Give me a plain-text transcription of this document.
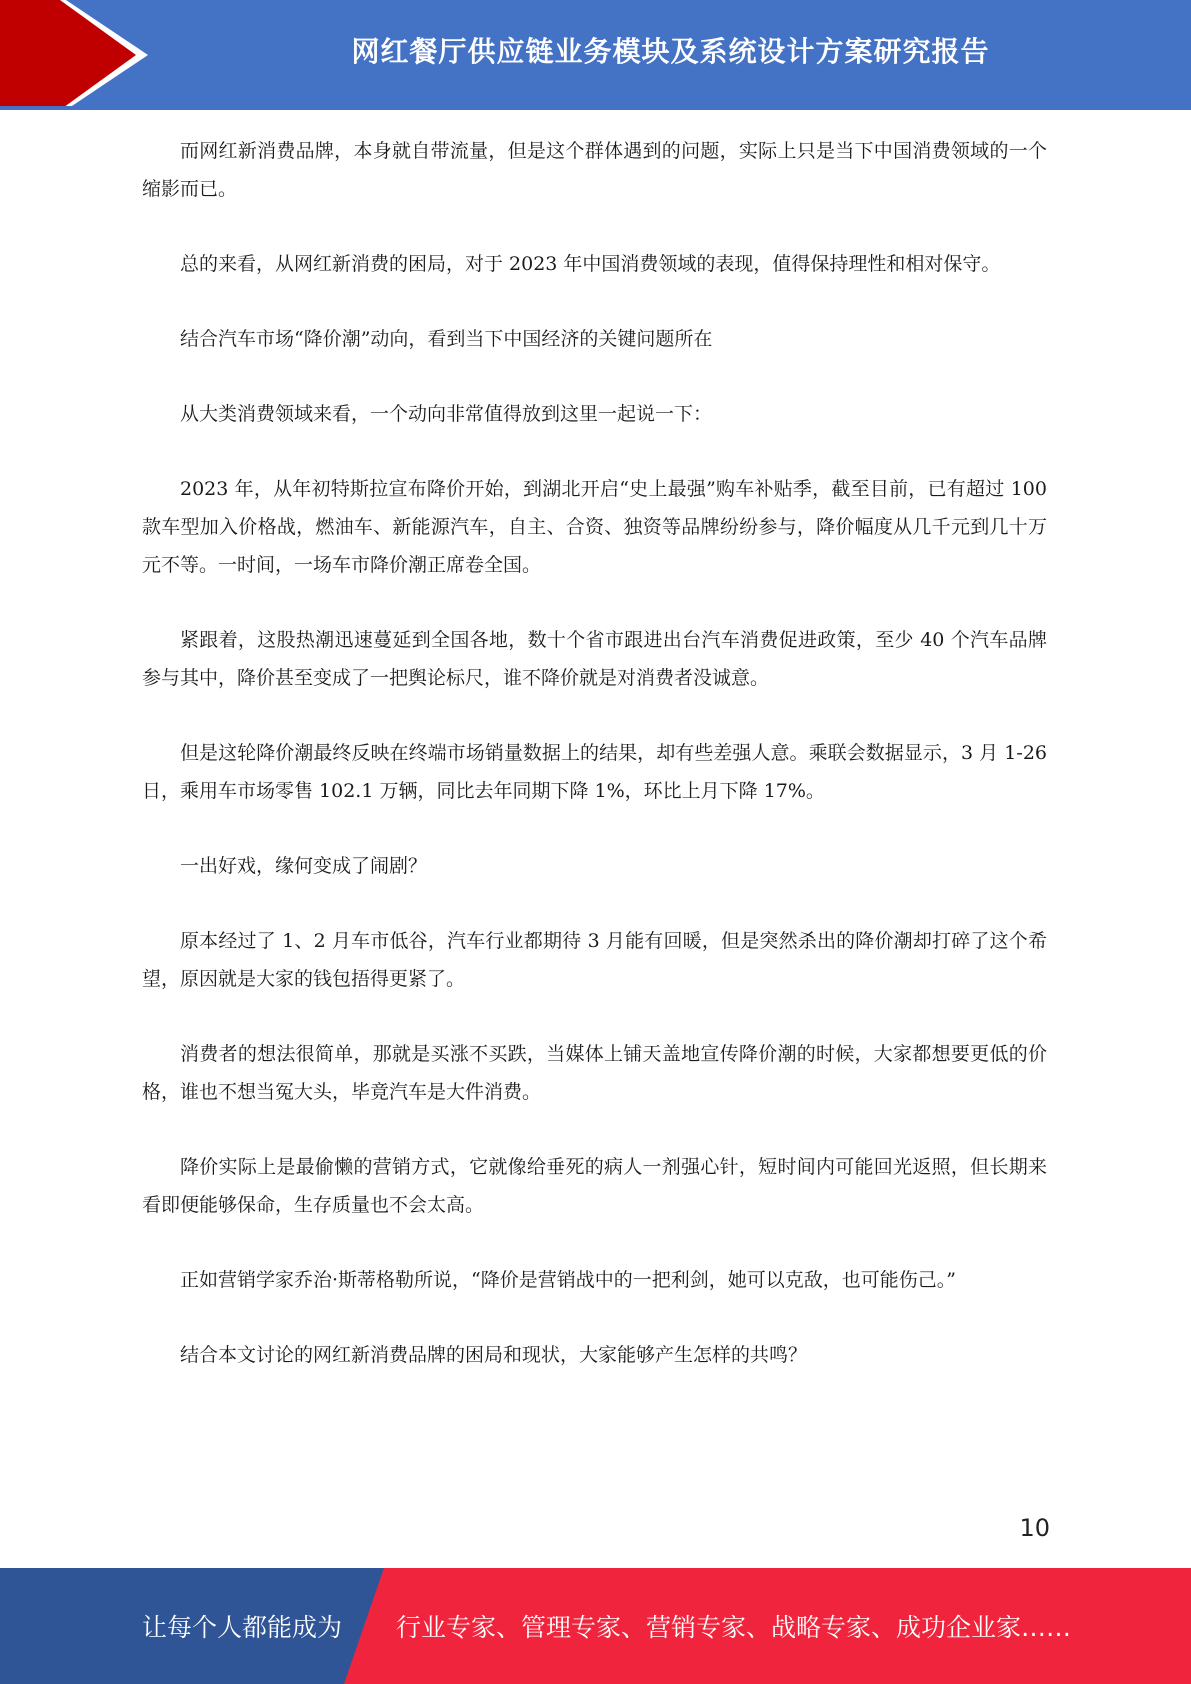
网红餐厅供应链业务模块及系统设计方案研究报告

而网红新消费品牌，本身就自带流量，但是这个群体遇到的问题，实际上只是当下中国消费领域的一个缩影而已。

总的来看，从网红新消费的困局，对于 2023 年中国消费领域的表现，值得保持理性和相对保守。

结合汽车市场“降价潮”动向，看到当下中国经济的关键问题所在

从大类消费领域来看，一个动向非常值得放到这里一起说一下：

2023 年，从年初特斯拉宣布降价开始，到湖北开启“史上最强”购车补贴季，截至目前，已有超过 100 款车型加入价格战，燃油车、新能源汽车，自主、合资、独资等品牌纷纷参与，降价幅度从几千元到几十万元不等。一时间，一场车市降价潮正席卷全国。

紧跟着，这股热潮迅速蔓延到全国各地，数十个省市跟进出台汽车消费促进政策，至少 40 个汽车品牌参与其中，降价甚至变成了一把舆论标尺，谁不降价就是对消费者没诚意。

但是这轮降价潮最终反映在终端市场销量数据上的结果，却有些差强人意。乘联会数据显示，3 月 1-26 日，乘用车市场零售 102.1 万辆，同比去年同期下降 1%，环比上月下降 17%。

一出好戏，缘何变成了闹剧？

原本经过了 1、2 月车市低谷，汽车行业都期待 3 月能有回暖，但是突然杀出的降价潮却打碎了这个希望，原因就是大家的钱包捂得更紧了。

消费者的想法很简单，那就是买涨不买跌，当媒体上铺天盖地宣传降价潮的时候，大家都想要更低的价格，谁也不想当冤大头，毕竟汽车是大件消费。

降价实际上是最偷懒的营销方式，它就像给垂死的病人一剂强心针，短时间内可能回光返照，但长期来看即便能够保命，生存质量也不会太高。

正如营销学家乔治·斯蒂格勒所说，“降价是营销战中的一把利剑，她可以克敌，也可能伤己。”

结合本文讨论的网红新消费品牌的困局和现状，大家能够产生怎样的共鸣？

10
让每个人都能成为 行业专家、管理专家、营销专家、战略专家、成功企业家……
